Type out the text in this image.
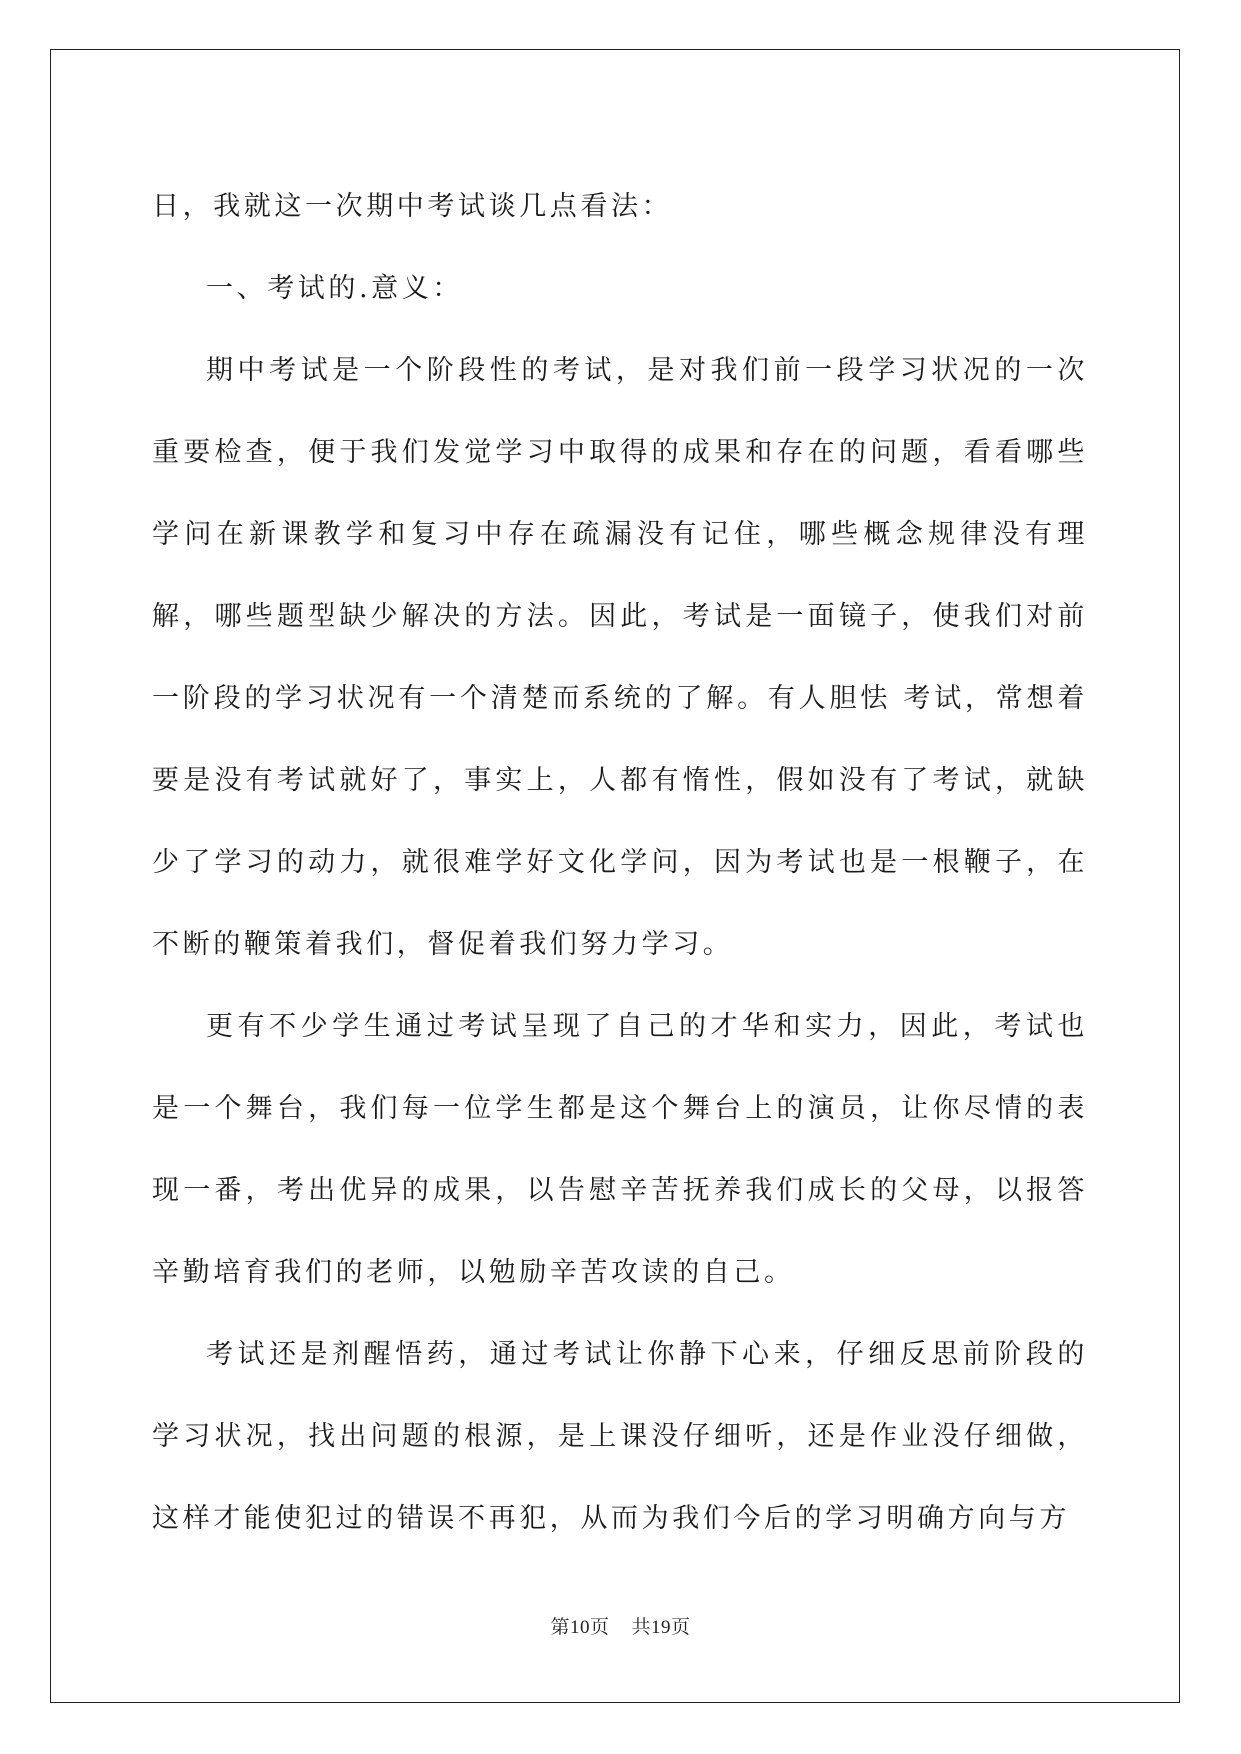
日，我就这一次期中考试谈几点看法：

一、考试的.意义：

期中考试是一个阶段性的考试，是对我们前一段学习状况的一次重要检查，便于我们发觉学习中取得的成果和存在的问题，看看哪些学问在新课教学和复习中存在疏漏没有记住，哪些概念规律没有理解，哪些题型缺少解决的方法。因此，考试是一面镜子，使我们对前一阶段的学习状况有一个清楚而系统的了解。有人胆怯 考试，常想着要是没有考试就好了，事实上，人都有惰性，假如没有了考试，就缺少了学习的动力，就很难学好文化学问，因为考试也是一根鞭子，在不断的鞭策着我们，督促着我们努力学习。

更有不少学生通过考试呈现了自己的才华和实力，因此，考试也是一个舞台，我们每一位学生都是这个舞台上的演员，让你尽情的表现一番，考出优异的成果，以告慰辛苦抚养我们成长的父母，以报答辛勤培育我们的老师，以勉励辛苦攻读的自己。

考试还是剂醒悟药，通过考试让你静下心来，仔细反思前阶段的学习状况，找出问题的根源，是上课没仔细听，还是作业没仔细做，这样才能使犯过的错误不再犯，从而为我们今后的学习明确方向与方

第10页 共19页
